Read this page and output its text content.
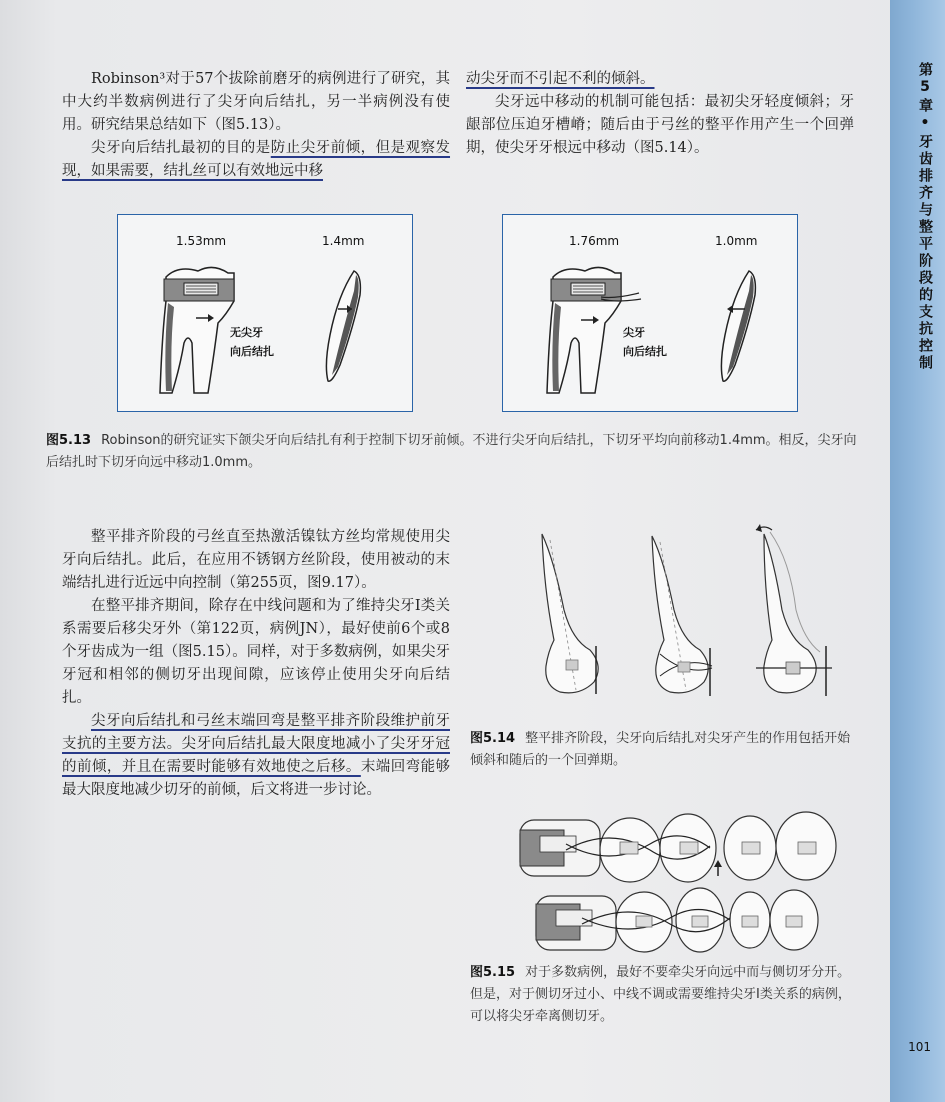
第5章•牙齿排齐与整平阶段的支抗控制
101

Robinson³对于57个拔除前磨牙的病例进行了研究，其中大约半数病例进行了尖牙向后结扎，另一半病例没有使用。研究结果总结如下（图5.13）。

尖牙向后结扎最初的目的是防止尖牙前倾，但是观察发现，如果需要，结扎丝可以有效地远中移

动尖牙而不引起不利的倾斜。

尖牙远中移动的机制可能包括：最初尖牙轻度倾斜；牙龈部位压迫牙槽嵴；随后由于弓丝的整平作用产生一个回弹期，使尖牙牙根远中移动（图5.14）。

1.53mm	1.4mm
无尖牙
向后结扎
1.76mm	1.0mm
尖牙
向后结扎
图5.13 Robinson的研究证实下颌尖牙向后结扎有利于控制下切牙前倾。不进行尖牙向后结扎，下切牙平均向前移动1.4mm。相反，尖牙向后结扎时下切牙向远中移动1.0mm。

整平排齐阶段的弓丝直至热激活镍钛方丝均常规使用尖牙向后结扎。此后，在应用不锈钢方丝阶段，使用被动的末端结扎进行近远中向控制（第255页，图9.17）。

在整平排齐期间，除存在中线问题和为了维持尖牙I类关系需要后移尖牙外（第122页，病例JN），最好使前6个或8个牙齿成为一组（图5.15）。同样，对于多数病例，如果尖牙牙冠和相邻的侧切牙出现间隙，应该停止使用尖牙向后结扎。

尖牙向后结扎和弓丝末端回弯是整平排齐阶段维护前牙支抗的主要方法。尖牙向后结扎最大限度地减小了尖牙牙冠的前倾，并且在需要时能够有效地使之后移。末端回弯能够最大限度地减少切牙的前倾，后文将进一步讨论。

图5.14 整平排齐阶段，尖牙向后结扎对尖牙产生的作用包括开始倾斜和随后的一个回弹期。
图5.15 对于多数病例，最好不要牵尖牙向远中而与侧切牙分开。但是，对于侧切牙过小、中线不调或需要维持尖牙I类关系的病例，可以将尖牙牵离侧切牙。
